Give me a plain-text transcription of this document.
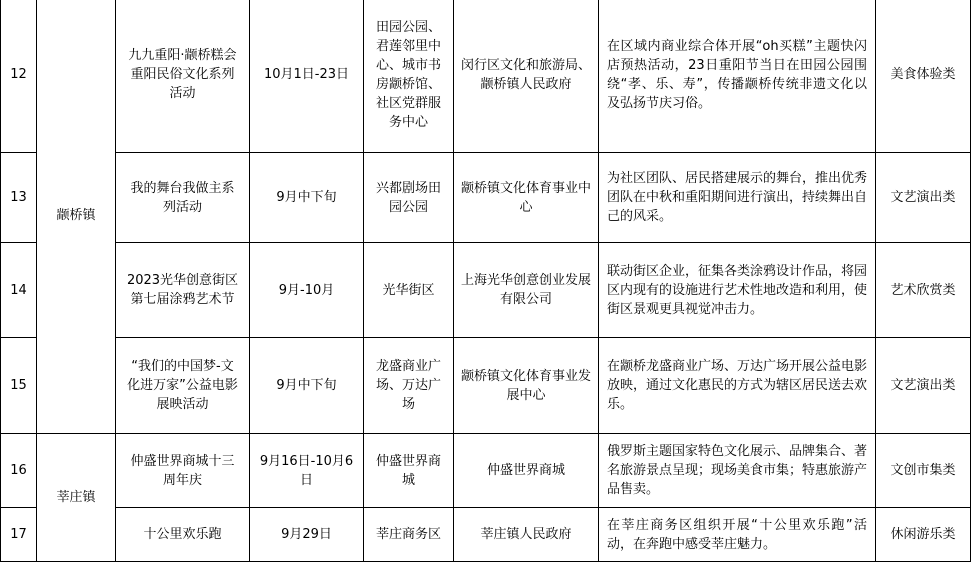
12	颛桥镇	九九重阳·颛桥糕会重阳民俗文化系列活动	10月1日-23日	田园公园、君莲邻里中心、城市书房颛桥馆、社区党群服务中心	闵行区文化和旅游局、颛桥镇人民政府	在区域内商业综合体开展“oh买糕”主题快闪店预热活动，23日重阳节当日在田园公园围绕“孝、乐、寿”，传播颛桥传统非遗文化以及弘扬节庆习俗。	美食体验类
13		我的舞台我做主系列活动	9月中下旬	兴都剧场田园公园	颛桥镇文化体育事业中心	为社区团队、居民搭建展示的舞台，推出优秀团队在中秋和重阳期间进行演出，持续舞出自己的风采。	文艺演出类
14		2023光华创意街区第七届涂鸦艺术节	9月-10月	光华街区	上海光华创意创业发展有限公司	联动街区企业，征集各类涂鸦设计作品，将园区内现有的设施进行艺术性地改造和利用，使街区景观更具视觉冲击力。	艺术欣赏类
15		“我们的中国梦-文化进万家”公益电影展映活动	9月中下旬	龙盛商业广场、万达广场	颛桥镇文化体育事业发展中心	在颛桥龙盛商业广场、万达广场开展公益电影放映，通过文化惠民的方式为辖区居民送去欢乐。	文艺演出类
16	莘庄镇	仲盛世界商城十三周年庆	9月16日-10月6日	仲盛世界商城	仲盛世界商城	俄罗斯主题国家特色文化展示、品牌集合、著名旅游景点呈现；现场美食市集；特惠旅游产品售卖。	文创市集类
17		十公里欢乐跑	9月29日	莘庄商务区	莘庄镇人民政府	在莘庄商务区组织开展“十公里欢乐跑”活动，在奔跑中感受莘庄魅力。	休闲游乐类
